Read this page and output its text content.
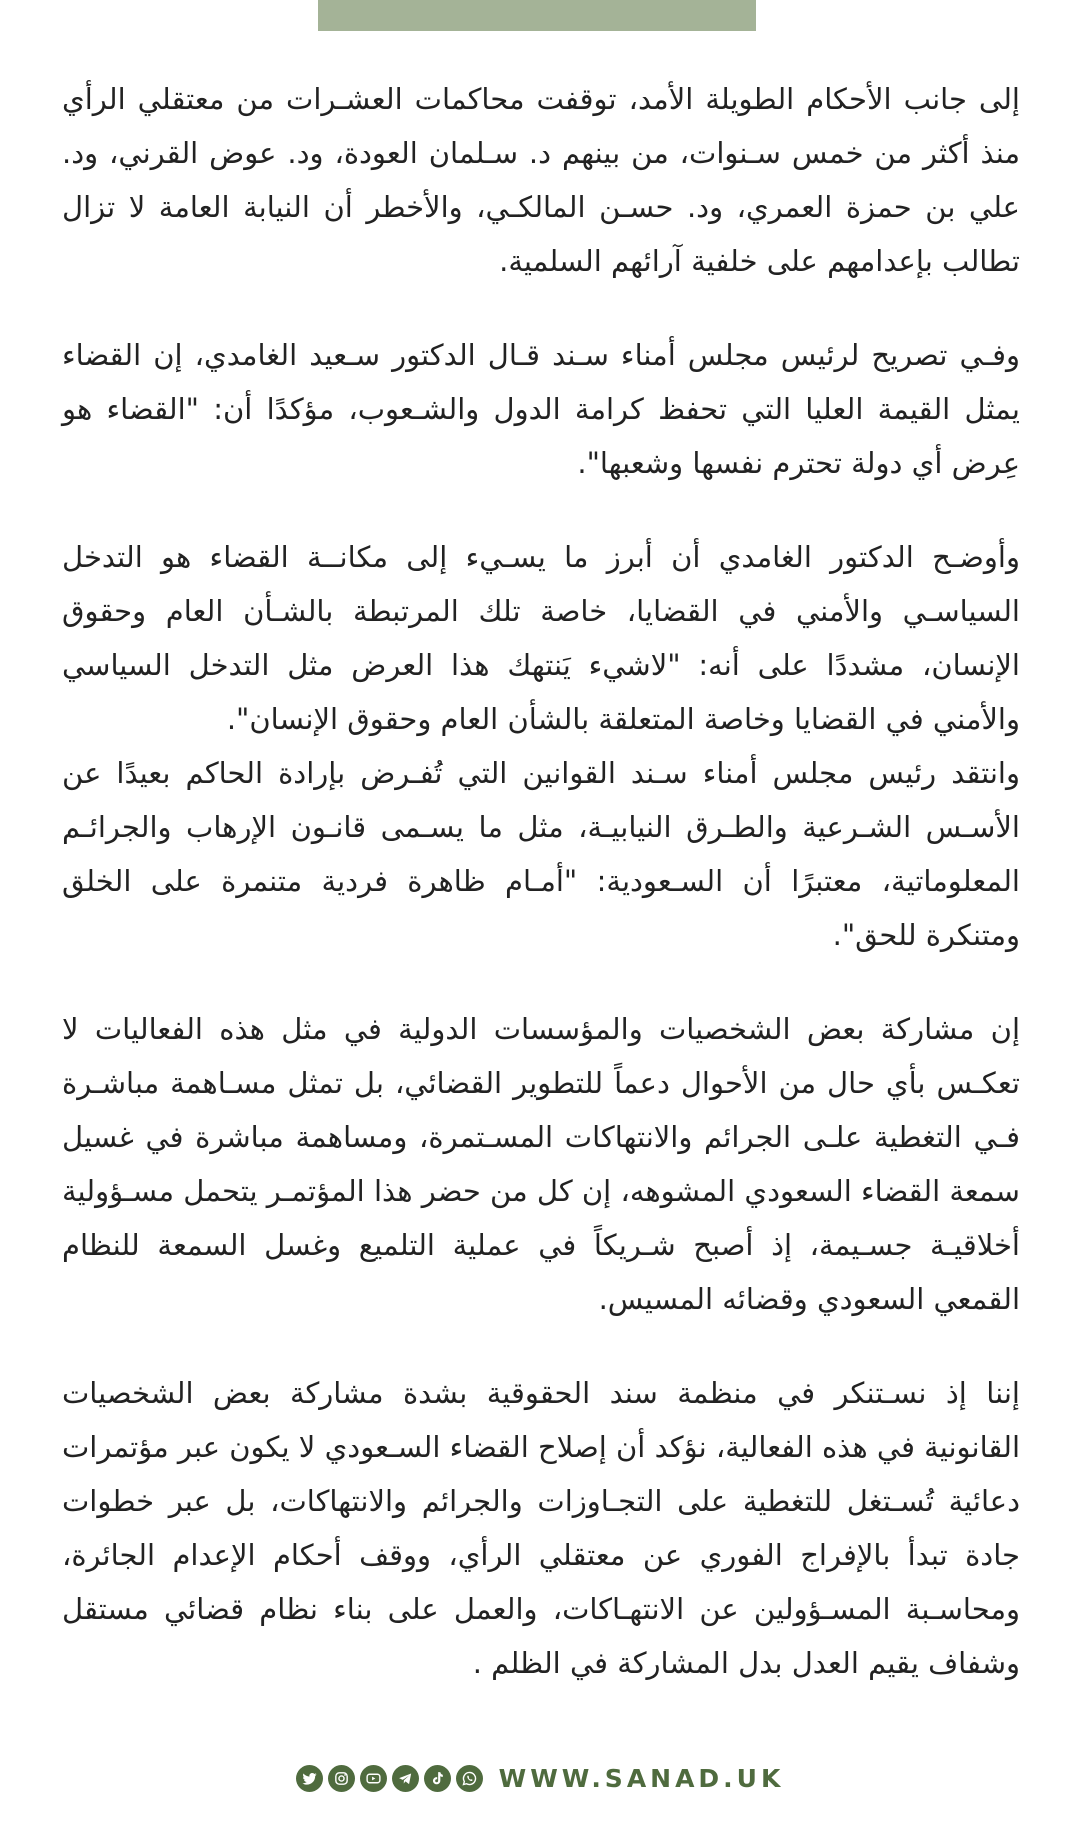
إلى جانب الأحكام الطويلة الأمد، توقفت محاكمات العشـرات من معتقلي الرأي منذ أكثر من خمس سـنوات، من بينهم د. سـلمان العودة، ود. عوض القرني، ود. علي بن حمزة العمري، ود. حسـن المالكـي، والأخطر أن النيابة العامة لا تزال تطالب بإعدامهم على خلفية آرائهم السلمية.

وفـي تصريح لرئيس مجلس أمناء سـند قـال الدكتور سـعيد الغامدي، إن القضاء يمثل القيمة العليا التي تحفظ كرامة الدول والشـعوب، مؤكدًا أن: "القضاء هو عِرض أي دولة تحترم نفسها وشعبها".

وأوضـح الدكتور الغامدي أن أبرز ما يسـيء إلى مكانــة القضاء هو التدخل السياسـي والأمني في القضايا، خاصة تلك المرتبطة بالشـأن العام وحقوق الإنسان، مشددًا على أنه: "لاشيء يَنتهك هذا العرض مثل التدخل السياسي والأمني في القضايا وخاصة المتعلقة بالشأن العام وحقوق الإنسان".

وانتقد رئيس مجلس أمناء سـند القوانين التي تُفـرض بإرادة الحاكم بعيدًا عن الأسـس الشـرعية والطـرق النيابيـة، مثل ما يسـمى قانـون الإرهاب والجرائـم المعلوماتية، معتبرًا أن السـعودية: "أمـام ظاهرة فردية متنمرة على الخلق ومتنكرة للحق".

إن مشاركة بعض الشخصيات والمؤسسات الدولية في مثل هذه الفعاليات لا تعكـس بأي حال من الأحوال دعماً للتطوير القضائي، بل تمثل مسـاهمة مباشـرة فـي التغطية علـى الجرائم والانتهاكات المسـتمرة، ومساهمة مباشرة في غسيل سمعة القضاء السعودي المشوهه، إن كل من حضر هذا المؤتمـر يتحمل مسـؤولية أخلاقيـة جسـيمة، إذ أصبح شـريكاً في عملية التلميع وغسل السمعة للنظام القمعي السعودي وقضائه المسيس.

إننا إذ نسـتنكر في منظمة سند الحقوقية بشدة مشاركة بعض الشخصيات القانونية في هذه الفعالية، نؤكد أن إصلاح القضاء السـعودي لا يكون عبر مؤتمرات دعائية تُسـتغل للتغطية على التجـاوزات والجرائم والانتهاكات، بل عبر خطوات جادة تبدأ بالإفراج الفوري عن معتقلي الرأي، ووقف أحكام الإعدام الجائرة، ومحاسـبة المسـؤولين عن الانتهـاكات، والعمل على بناء نظام قضائي مستقل وشفاف يقيم العدل بدل المشاركة في الظلم .

WWW.SANAD.UK
